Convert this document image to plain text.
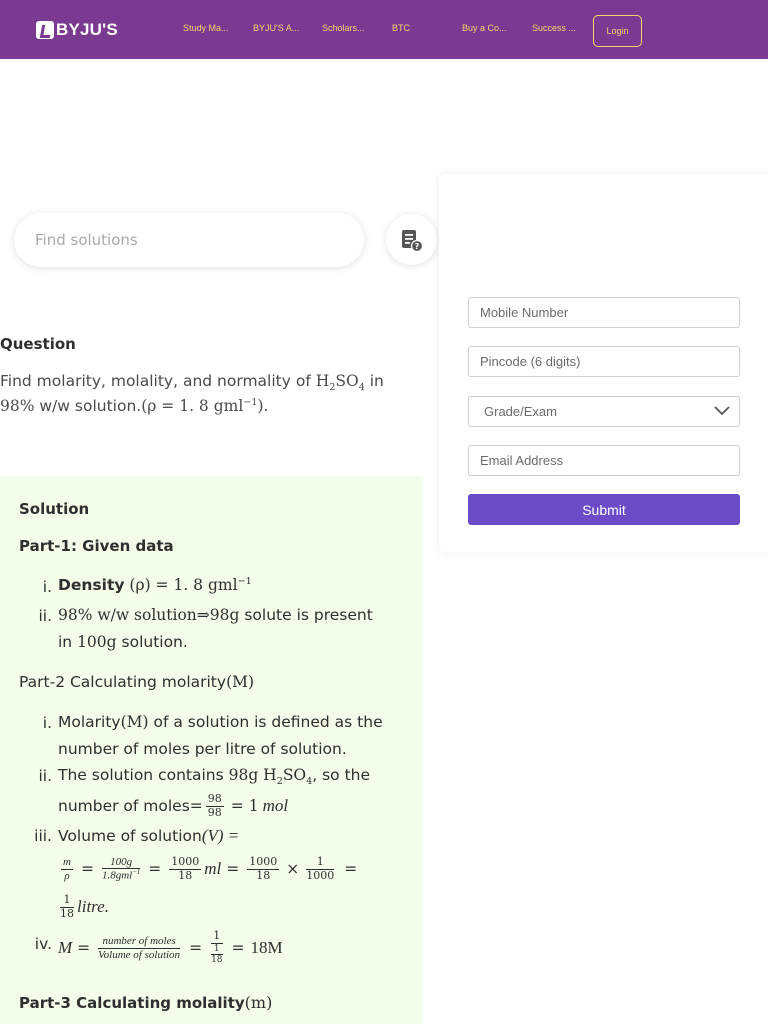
BYJU'S	Study Ma...	BYJU'S A...	Scholars...	BTC	Buy a Co...	Success ...	Login
Find solutions	?
Mobile Number
Pincode (6 digits)
Grade/Exam
Email Address
Submit
Question
Find molarity, molality, and normality of $H_2SO_4$ in
98% w/w solution.(ρ = 1. 8 gml$^{-1}$).
Solution
Part-1: Given data
i. Density (ρ) = 1. 8 gml$^{-1}$
ii. 98% w/w solution⇒98g solute is present
in 100g solution.
Part-2 Calculating molarity(M)
i. Molarity(M) of a solution is defined as the
number of moles per litre of solution.
ii. The solution contains 98g $H_2SO_4$, so the
number of moles = $\frac{98}{98} = 1$ mol
iii. Volume of solution(V) =
$\frac{m}{\rho} = \frac{100g}{1.8gml^{-1}} = \frac{1000}{18}$ ml = $\frac{1000}{18} \times \frac{1}{1000}$ =
$\frac{1}{18}$ litre.
iv. $M = \frac{\text{number of moles}}{\text{Volume of solution}} = \frac{1}{\frac{1}{18}} = 18M$
Part-3 Calculating molality(m)
